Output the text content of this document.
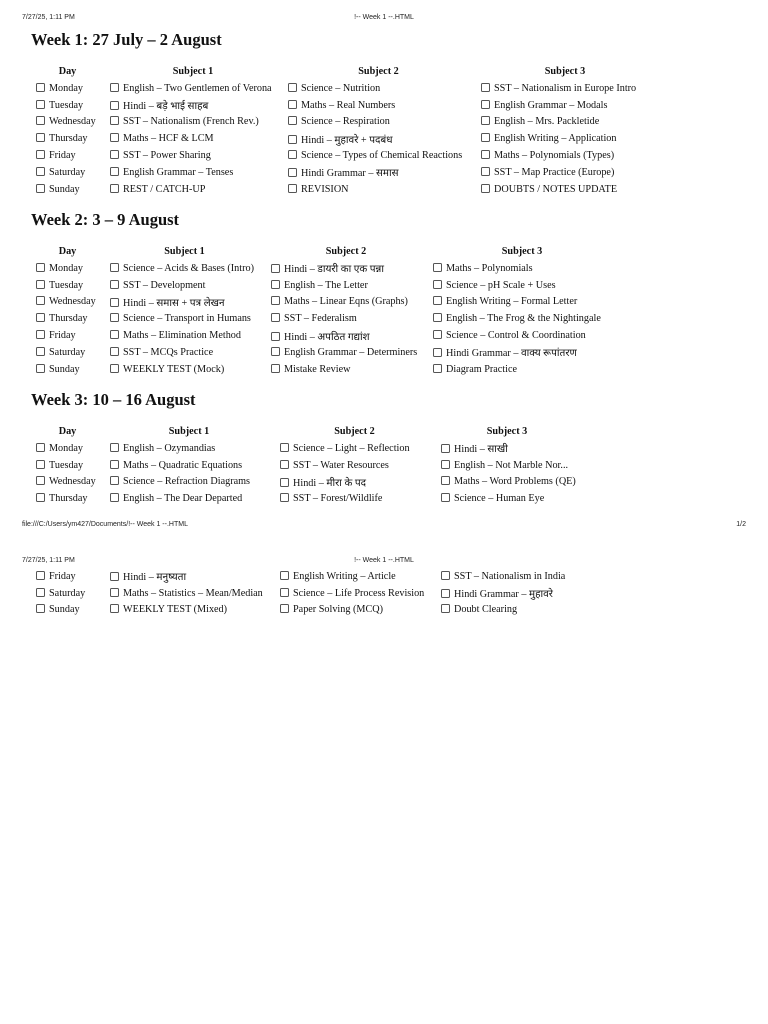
7/27/25, 1:11 PM	!-- Week 1 --.HTML
Week 1: 27 July – 2 August
Day	Subject 1	Subject 2	Subject 3
Monday	English – Two Gentlemen of Verona	Science – Nutrition	SST – Nationalism in Europe Intro
Tuesday	Hindi – बड़े भाई साहब	Maths – Real Numbers	English Grammar – Modals
Wednesday	SST – Nationalism (French Rev.)	Science – Respiration	English – Mrs. Packletide
Thursday	Maths – HCF & LCM	Hindi – मुहावरे + पदबंध	English Writing – Application
Friday	SST – Power Sharing	Science – Types of Chemical Reactions	Maths – Polynomials (Types)
Saturday	English Grammar – Tenses	Hindi Grammar – समास	SST – Map Practice (Europe)
Sunday	REST / CATCH-UP	REVISION	DOUBTS / NOTES UPDATE
Week 2: 3 – 9 August
Day	Subject 1	Subject 2	Subject 3
Monday	Science – Acids & Bases (Intro)	Hindi – डायरी का एक पन्ना	Maths – Polynomials
Tuesday	SST – Development	English – The Letter	Science – pH Scale + Uses
Wednesday	Hindi – समास + पत्र लेखन	Maths – Linear Eqns (Graphs)	English Writing – Formal Letter
Thursday	Science – Transport in Humans	SST – Federalism	English – The Frog & the Nightingale
Friday	Maths – Elimination Method	Hindi – अपठित गद्यांश	Science – Control & Coordination
Saturday	SST – MCQs Practice	English Grammar – Determiners	Hindi Grammar – वाक्य रूपांतरण
Sunday	WEEKLY TEST (Mock)	Mistake Review	Diagram Practice
Week 3: 10 – 16 August
Day	Subject 1	Subject 2	Subject 3
Monday	English – Ozymandias	Science – Light – Reflection	Hindi – साखी
Tuesday	Maths – Quadratic Equations	SST – Water Resources	English – Not Marble Nor...
Wednesday	Science – Refraction Diagrams	Hindi – मीरा के पद	Maths – Word Problems (QE)
Thursday	English – The Dear Departed	SST – Forest/Wildlife	Science – Human Eye
file:///C:/Users/ym427/Documents/!-- Week 1 --.HTML	1/2
7/27/25, 1:11 PM	!-- Week 1 --.HTML
Friday	Hindi – मनुष्यता	English Writing – Article	SST – Nationalism in India
Saturday	Maths – Statistics – Mean/Median	Science – Life Process Revision	Hindi Grammar – मुहावरे
Sunday	WEEKLY TEST (Mixed)	Paper Solving (MCQ)	Doubt Clearing
